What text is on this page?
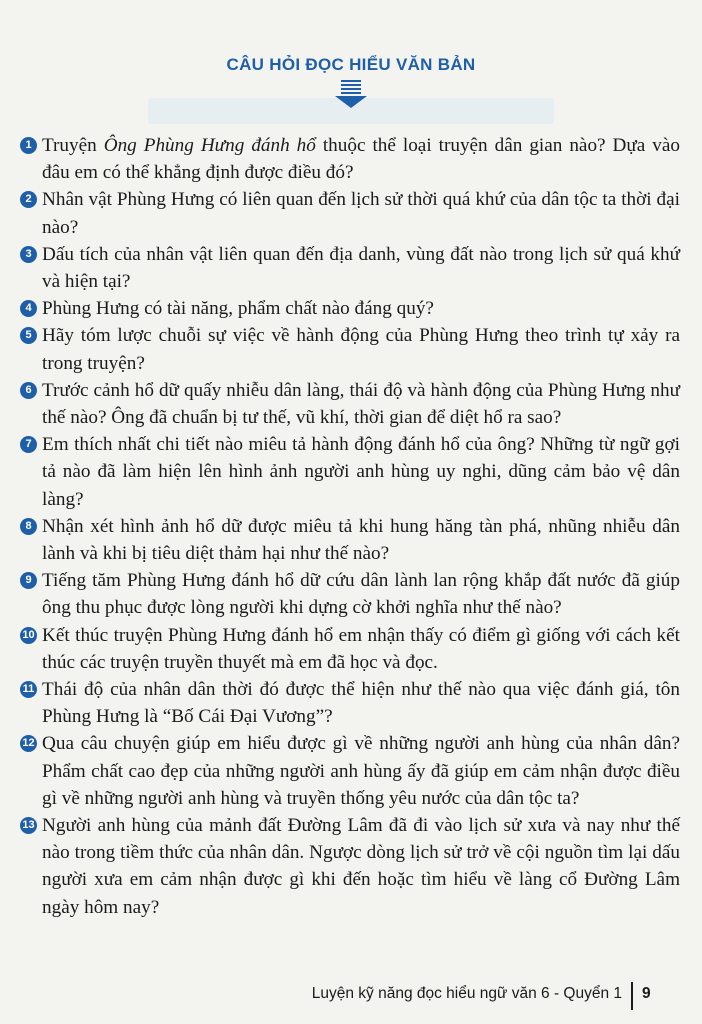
CÂU HỎI ĐỌC HIỂU VĂN BẢN
1 Truyện Ông Phùng Hưng đánh hổ thuộc thể loại truyện dân gian nào? Dựa vào đâu em có thể khẳng định được điều đó?
2 Nhân vật Phùng Hưng có liên quan đến lịch sử thời quá khứ của dân tộc ta thời đại nào?
3 Dấu tích của nhân vật liên quan đến địa danh, vùng đất nào trong lịch sử quá khứ và hiện tại?
4 Phùng Hưng có tài năng, phẩm chất nào đáng quý?
5 Hãy tóm lược chuỗi sự việc về hành động của Phùng Hưng theo trình tự xảy ra trong truyện?
6 Trước cảnh hổ dữ quấy nhiễu dân làng, thái độ và hành động của Phùng Hưng như thế nào? Ông đã chuẩn bị tư thế, vũ khí, thời gian để diệt hổ ra sao?
7 Em thích nhất chi tiết nào miêu tả hành động đánh hổ của ông? Những từ ngữ gợi tả nào đã làm hiện lên hình ảnh người anh hùng uy nghi, dũng cảm bảo vệ dân làng?
8 Nhận xét hình ảnh hổ dữ được miêu tả khi hung hăng tàn phá, nhũng nhiễu dân lành và khi bị tiêu diệt thảm hại như thế nào?
9 Tiếng tăm Phùng Hưng đánh hổ dữ cứu dân lành lan rộng khắp đất nước đã giúp ông thu phục được lòng người khi dựng cờ khởi nghĩa như thế nào?
10 Kết thúc truyện Phùng Hưng đánh hổ em nhận thấy có điểm gì giống với cách kết thúc các truyện truyền thuyết mà em đã học và đọc.
11 Thái độ của nhân dân thời đó được thể hiện như thế nào qua việc đánh giá, tôn Phùng Hưng là “Bố Cái Đại Vương”?
12 Qua câu chuyện giúp em hiểu được gì về những người anh hùng của nhân dân? Phẩm chất cao đẹp của những người anh hùng ấy đã giúp em cảm nhận được điều gì về những người anh hùng và truyền thống yêu nước của dân tộc ta?
13 Người anh hùng của mảnh đất Đường Lâm đã đi vào lịch sử xưa và nay như thế nào trong tiềm thức của nhân dân. Ngược dòng lịch sử trở về cội nguồn tìm lại dấu người xưa em cảm nhận được gì khi đến hoặc tìm hiểu về làng cổ Đường Lâm ngày hôm nay?
Luyện kỹ năng đọc hiểu ngữ văn 6 - Quyển 1 9
